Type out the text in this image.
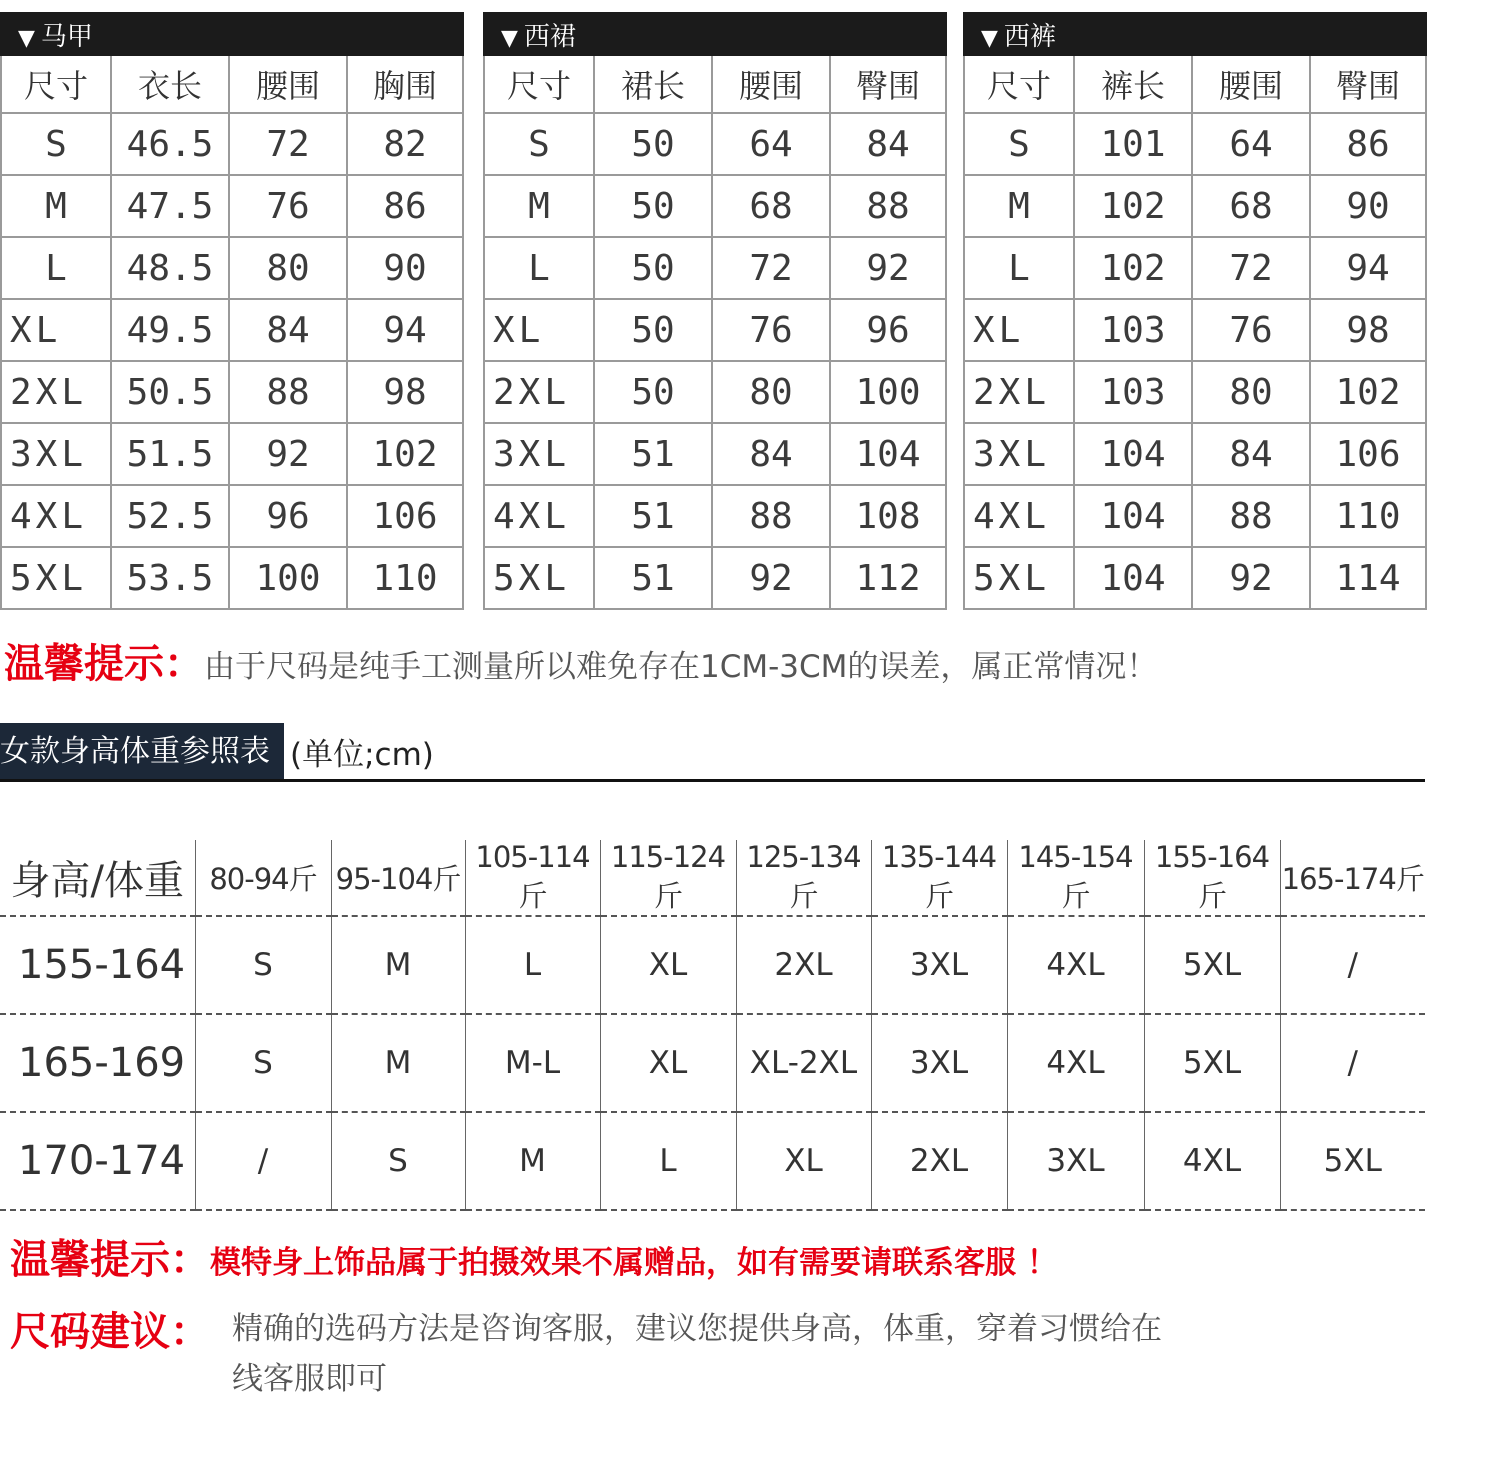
▼ 马甲			
尺寸	衣长	腰围	胸围
S	46.5	72	82
M	47.5	76	86
L	48.5	80	90
XL	49.5	84	94
2XL	50.5	88	98
3XL	51.5	92	102
4XL	52.5	96	106
5XL	53.5	100	110
▼ 西裙			
尺寸	裙长	腰围	臀围
S	50	64	84
M	50	68	88
L	50	72	92
XL	50	76	96
2XL	50	80	100
3XL	51	84	104
4XL	51	88	108
5XL	51	92	112
▼ 西裤			
尺寸	裤长	腰围	臀围
S	101	64	86
M	102	68	90
L	102	72	94
XL	103	76	98
2XL	103	80	102
3XL	104	84	106
4XL	104	88	110
5XL	104	92	114
温馨提示：由于尺码是纯手工测量所以难免存在1CM-3CM的误差，属正常情况！
女款身高体重参照表 (单位;cm)
身高/体重	80-94斤	95-104斤	105-114斤	115-124斤	125-134斤	135-144斤	145-154斤	155-164斤	165-174斤
155-164	S	M	L	XL	2XL	3XL	4XL	5XL	/
165-169	S	M	M-L	XL	XL-2XL	3XL	4XL	5XL	/
170-174	/	S	M	L	XL	2XL	3XL	4XL	5XL
温馨提示：模特身上饰品属于拍摄效果不属赠品，如有需要请联系客服 ！
尺码建议： 精确的选码方法是咨询客服，建议您提供身高，体重，穿着习惯给在线客服即可
